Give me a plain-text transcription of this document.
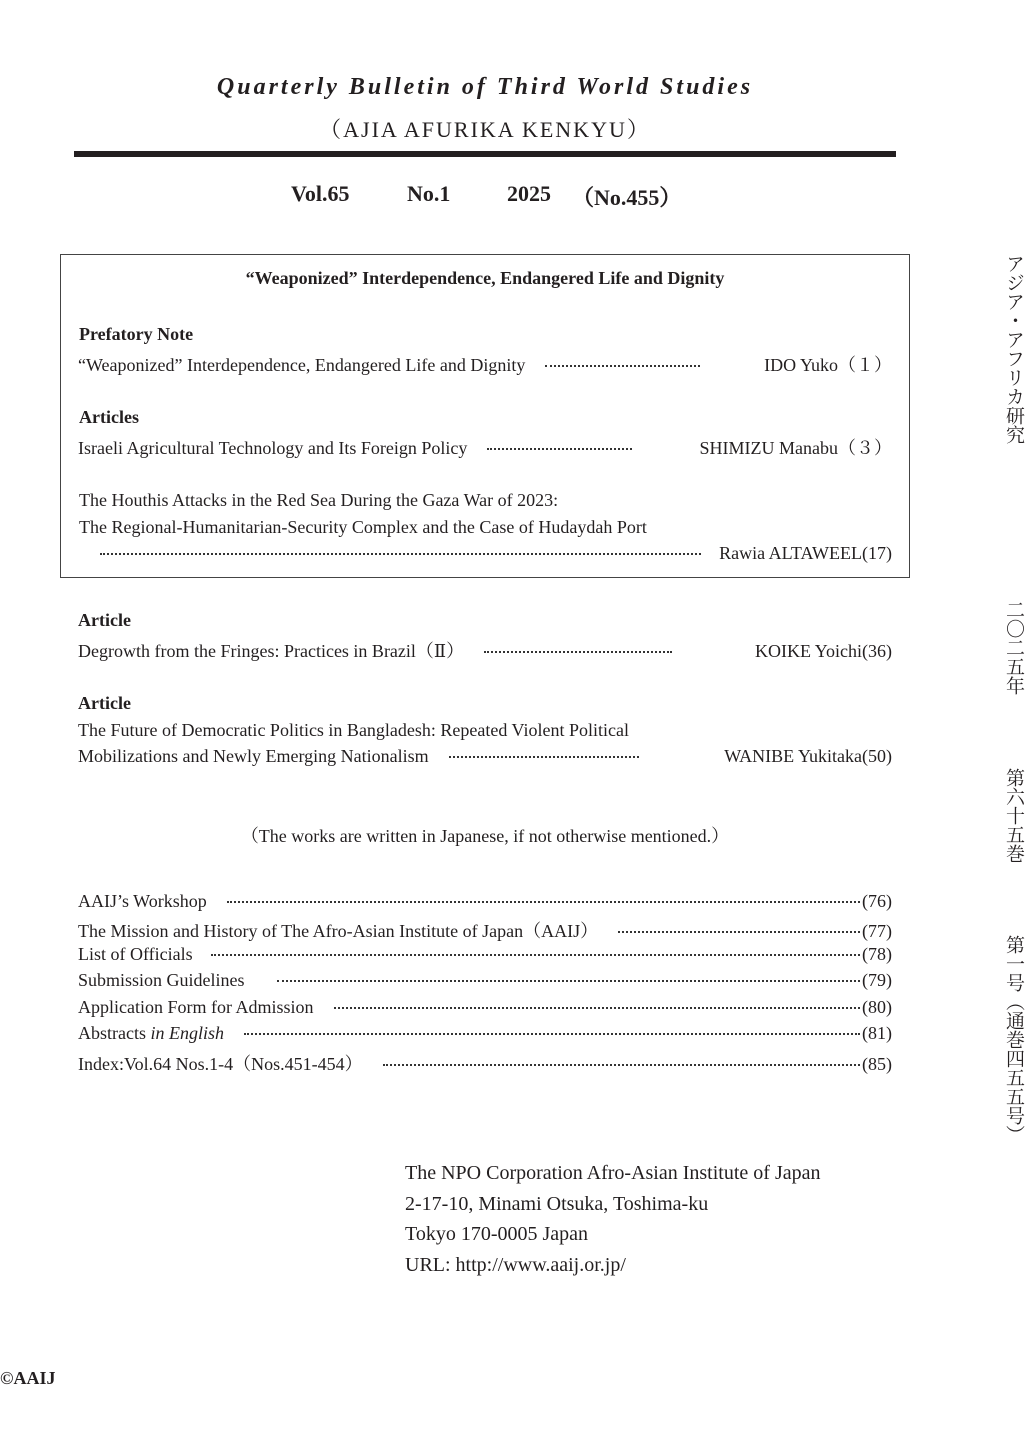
Quarterly Bulletin of Third World Studies
（AJIA AFURIKA KENKYU）
Vol.65	No.1	2025 （No.455）
“Weaponized” Interdependence, Endangered Life and Dignity
Prefatory Note
“Weaponized” Interdependence, Endangered Life and Dignity	IDO Yuko （１）
Articles
Israeli Agricultural Technology and Its Foreign Policy	SHIMIZU Manabu （３）
The Houthis Attacks in the Red Sea During the Gaza War of 2023:
The Regional-Humanitarian-Security Complex and the Case of Hudaydah Port
Rawia ALTAWEEL (17)
Article
Degrowth from the Fringes: Practices in Brazil（Ⅱ）	KOIKE Yoichi (36)
Article
The Future of Democratic Politics in Bangladesh: Repeated Violent Political
Mobilizations and Newly Emerging Nationalism	WANIBE Yukitaka (50)
（The works are written in Japanese, if not otherwise mentioned.）
AAIJ’s Workshop	(76)
The Mission and History of The Afro-Asian Institute of Japan（AAIJ）	(77)
List of Officials	(78)
Submission Guidelines	(79)
Application Form for Admission	(80)
Abstracts in English	(81)
Index:Vol.64 Nos.1-4（Nos.451-454）	(85)
The NPO Corporation Afro-Asian Institute of Japan
2-17-10, Minami Otsuka, Toshima-ku
Tokyo 170-0005 Japan
URL: http://www.aaij.or.jp/
©AAIJ
アジア・アフリカ研究
二〇二五年
第六十五巻
第一号（通巻四五五号）
